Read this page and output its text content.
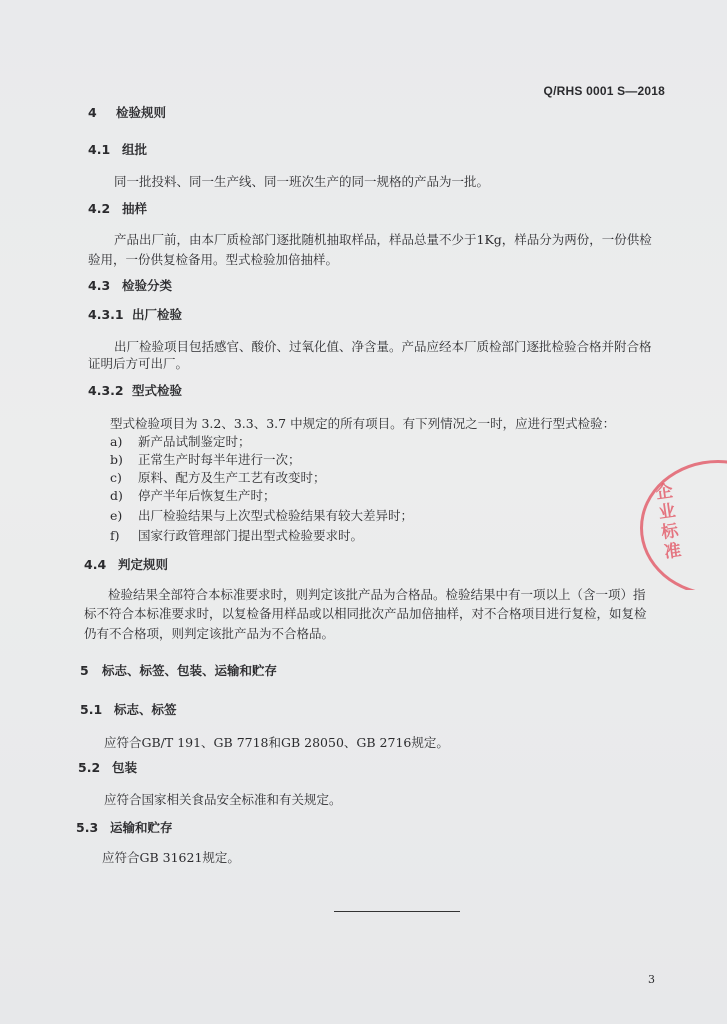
Q/RHS 0001 S—2018
4 检验规则
4.1 组批
同一批投料、同一生产线、同一班次生产的同一规格的产品为一批。
4.2 抽样
产品出厂前，由本厂质检部门逐批随机抽取样品，样品总量不少于1Kg，样品分为两份，一份供检
验用，一份供复检备用。型式检验加倍抽样。
4.3 检验分类
4.3.1 出厂检验
出厂检验项目包括感官、酸价、过氧化值、净含量。产品应经本厂质检部门逐批检验合格并附合格
证明后方可出厂。
4.3.2 型式检验
型式检验项目为 3.2、3.3、3.7 中规定的所有项目。有下列情况之一时，应进行型式检验：
a) 新产品试制鉴定时；
b) 正常生产时每半年进行一次；
c) 原料、配方及生产工艺有改变时；
d) 停产半年后恢复生产时；
e) 出厂检验结果与上次型式检验结果有较大差异时；
f) 国家行政管理部门提出型式检验要求时。
4.4 判定规则
检验结果全部符合本标准要求时，则判定该批产品为合格品。检验结果中有一项以上（含一项）指
标不符合本标准要求时，以复检备用样品或以相同批次产品加倍抽样，对不合格项目进行复检，如复检
仍有不合格项，则判定该批产品为不合格品。
5 标志、标签、包装、运输和贮存
5.1 标志、标签
应符合GB/T 191、GB 7718和GB 28050、GB 2716规定。
5.2 包装
应符合国家相关食品安全标准和有关规定。
5.3 运输和贮存
应符合GB 31621规定。
企业标准
3
